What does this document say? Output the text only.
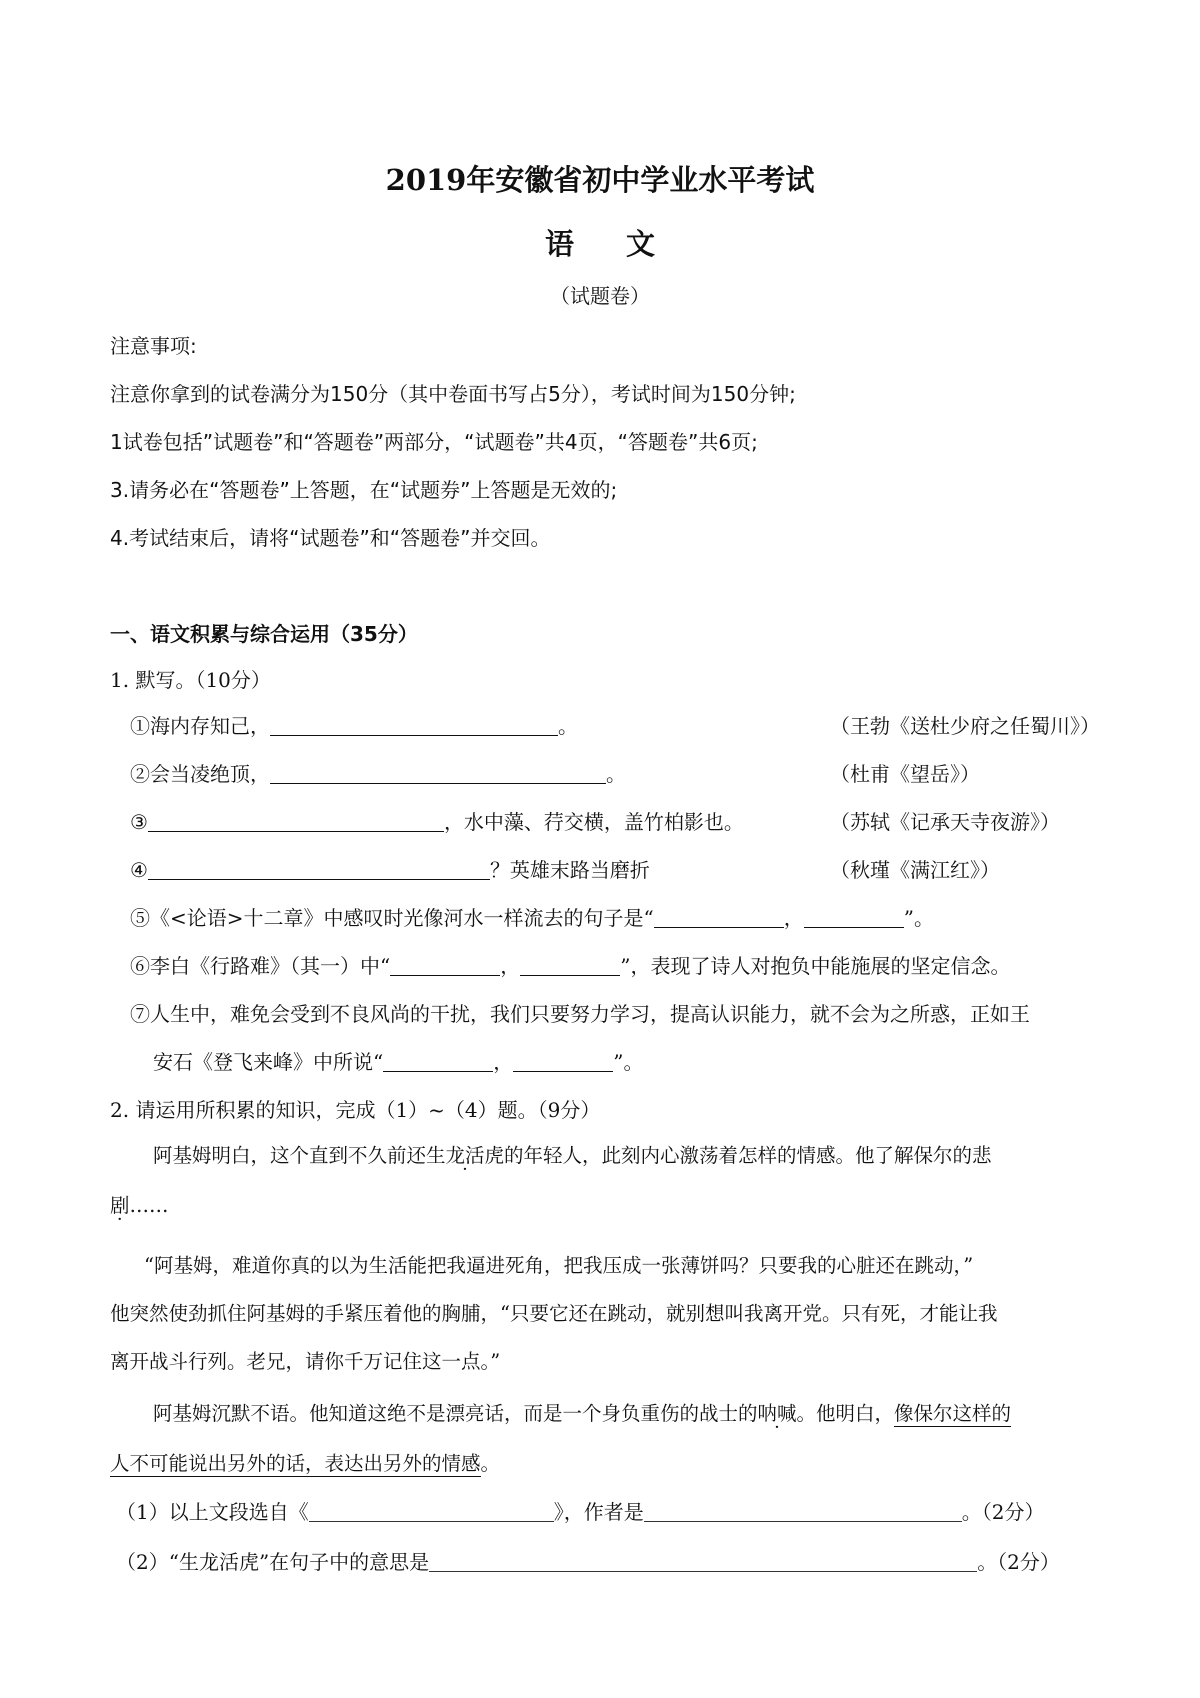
2019年安徽省初中学业水平考试
语文
（试题卷）
注意事项:
注意你拿到的试卷满分为150分（其中卷面书写占5分），考试时间为150分钟;
1试卷包括”试题卷”和“答题卷”两部分，“试题卷”共4页，“答题卷”共6页;
3.请务必在“答题卷”上答题，在“试题券”上答题是无效的;
4.考试结束后，请将“试题卷”和“答题卷”并交回。
一、语文积累与综合运用（35分）
1. 默写。（10分）
①海内存知己，	。	（王勃《送杜少府之任蜀川》）
②会当凌绝顶，	。	（杜甫《望岳》）
③	，水中藻、荇交横，盖竹柏影也。	（苏轼《记承天寺夜游》）
④	？英雄末路当磨折	（秋瑾《满江红》）
⑤《<论语>十二章》中感叹时光像河水一样流去的句子是“	，	”。
⑥李白《行路难》（其一）中“	，	”，表现了诗人对抱负中能施展的坚定信念。
⑦人生中，难免会受到不良风尚的干扰，我们只要努力学习，提高认识能力，就不会为之所惑，正如王
安石《登飞来峰》中所说“	，	”。
2. 请运用所积累的知识，完成（1）~（4）题。（9分）
阿基姆明白，这个直到不久前还生龙活虎的年轻人，此刻内心激荡着怎样的情感。他了解保尔的悲
剧……
“阿基姆，难道你真的以为生活能把我逼进死角，把我压成一张薄饼吗？只要我的心脏还在跳动，”
他突然使劲抓住阿基姆的手紧压着他的胸脯，“只要它还在跳动，就别想叫我离开党。只有死，才能让我
离开战斗行列。老兄，请你千万记住这一点。”
阿基姆沉默不语。他知道这绝不是漂亮话，而是一个身负重伤的战士的呐喊。他明白，像保尔这样的
人不可能说出另外的话，表达出另外的情感。
（1）以上文段选自《	》，作者是	。（2分）
（2）“生龙活虎”在句子中的意思是	。（2分）
